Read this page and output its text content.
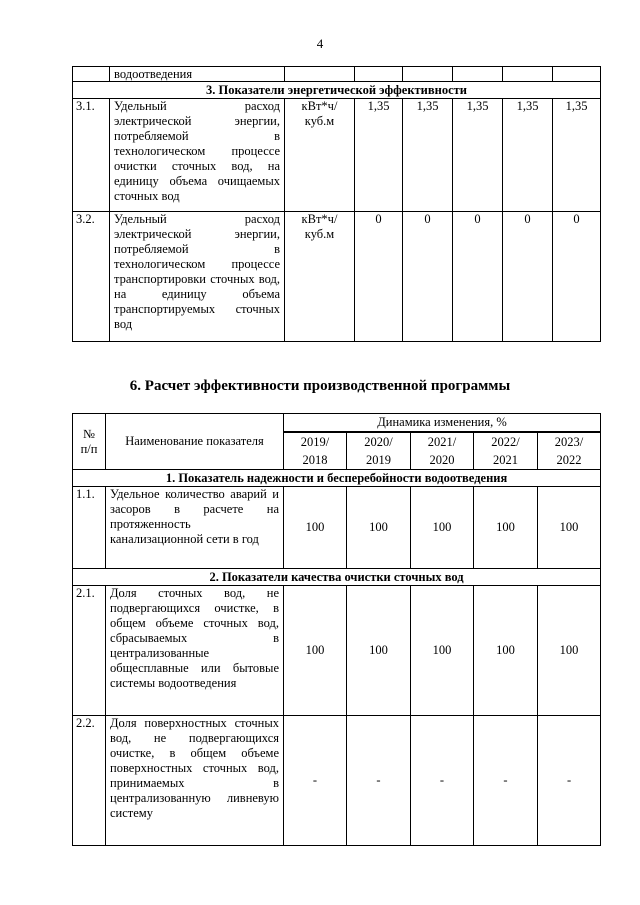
4
	водоотведения						
3. Показатели энергетической эффективности							
3.1.	Удельный расход электрической энергии, потребляемой в технологическом процессе очистки сточных вод, на единицу объема очищаемых сточных вод	кВт*ч/ куб.м	1,35	1,35	1,35	1,35	1,35
3.2.	Удельный расход электрической энергии, потребляемой в технологическом процессе транспортировки сточных вод, на единицу объема транспортируемых сточных вод	кВт*ч/ куб.м	0	0	0	0	0
6. Расчет эффективности производственной программы
№ п/п	Наименование показателя	Динамика изменения, %				

		2019/ 2018	2020/ 2019	2021/ 2020	2022/ 2021	2023/ 2022
1. Показатель надежности и бесперебойности водоотведения						
1.1.	Удельное количество аварий и засоров в расчете на протяженность канализационной сети в год	100	100	100	100	100
2. Показатели качества очистки сточных вод						
2.1.	Доля сточных вод, не подвергающихся очистке, в общем объеме сточных вод, сбрасываемых в централизованные общесплавные или бытовые системы водоотведения	100	100	100	100	100
2.2.	Доля поверхностных сточных вод, не подвергающихся очистке, в общем объеме поверхностных сточных вод, принимаемых в централизованную ливневую систему	-	-	-	-	-
